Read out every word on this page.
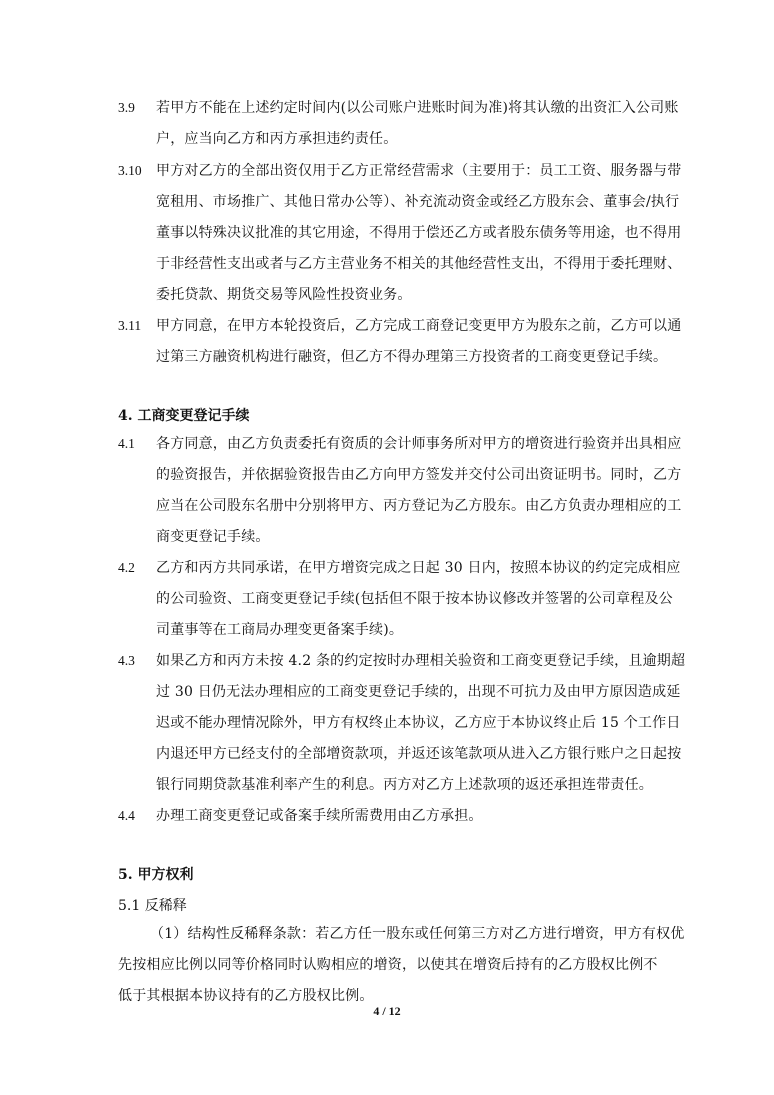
3.9 若甲方不能在上述约定时间内(以公司账户进账时间为准)将其认缴的出资汇入公司账
户，应当向乙方和丙方承担违约责任。
3.10 甲方对乙方的全部出资仅用于乙方正常经营需求（主要用于：员工工资、服务器与带
宽租用、市场推广、其他日常办公等）、补充流动资金或经乙方股东会、董事会/执行
董事以特殊决议批准的其它用途，不得用于偿还乙方或者股东债务等用途，也不得用
于非经营性支出或者与乙方主营业务不相关的其他经营性支出，不得用于委托理财、
委托贷款、期货交易等风险性投资业务。
3.11 甲方同意，在甲方本轮投资后，乙方完成工商登记变更甲方为股东之前，乙方可以通
过第三方融资机构进行融资，但乙方不得办理第三方投资者的工商变更登记手续。
4. 工商变更登记手续
4.1 各方同意，由乙方负责委托有资质的会计师事务所对甲方的增资进行验资并出具相应
的验资报告，并依据验资报告由乙方向甲方签发并交付公司出资证明书。同时，乙方
应当在公司股东名册中分别将甲方、丙方登记为乙方股东。由乙方负责办理相应的工
商变更登记手续。
4.2 乙方和丙方共同承诺，在甲方增资完成之日起 30 日内，按照本协议的约定完成相应
的公司验资、工商变更登记手续(包括但不限于按本协议修改并签署的公司章程及公
司董事等在工商局办理变更备案手续)。
4.3 如果乙方和丙方未按 4.2 条的约定按时办理相关验资和工商变更登记手续，且逾期超
过 30 日仍无法办理相应的工商变更登记手续的，出现不可抗力及由甲方原因造成延
迟或不能办理情况除外，甲方有权终止本协议，乙方应于本协议终止后 15 个工作日
内退还甲方已经支付的全部增资款项，并返还该笔款项从进入乙方银行账户之日起按
银行同期贷款基准利率产生的利息。丙方对乙方上述款项的返还承担连带责任。
4.4 办理工商变更登记或备案手续所需费用由乙方承担。
5. 甲方权利
5.1 反稀释
（1）结构性反稀释条款：若乙方任一股东或任何第三方对乙方进行增资，甲方有权优
先按相应比例以同等价格同时认购相应的增资，以使其在增资后持有的乙方股权比例不
低于其根据本协议持有的乙方股权比例。
4 / 12
